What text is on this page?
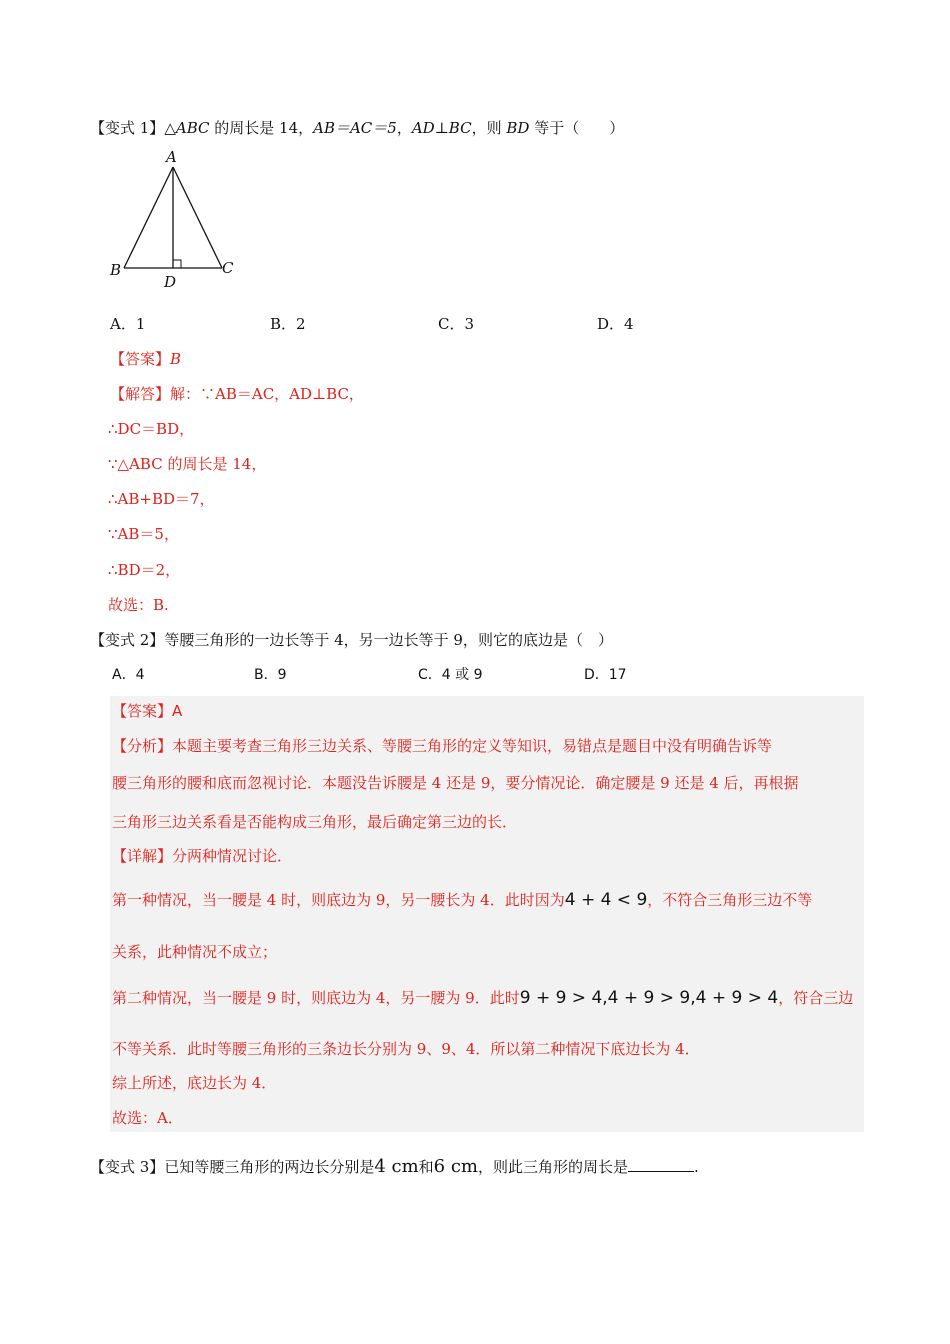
【变式 1】△ABC 的周长是 14，AB＝AC＝5，AD⊥BC，则 BD 等于（　　）
A
B	C
D
A．1	B．2	C．3	D．4
【答案】B
【解答】解：∵AB＝AC，AD⊥BC，
∴DC＝BD，
∵△ABC 的周长是 14，
∴AB+BD＝7，
∵AB＝5，
∴BD＝2，
故选：B.
【变式 2】等腰三角形的一边长等于 4，另一边长等于 9，则它的底边是（　）
A．4	B．9	C．4 或 9	D．17
【答案】A
【分析】本题主要考查三角形三边关系、等腰三角形的定义等知识，易错点是题目中没有明确告诉等
腰三角形的腰和底而忽视讨论．本题没告诉腰是 4 还是 9，要分情况论．确定腰是 9 还是 4 后，再根据
三角形三边关系看是否能构成三角形，最后确定第三边的长．
【详解】分两种情况讨论．
第一种情况，当一腰是 4 时，则底边为 9，另一腰长为 4．此时因为4 + 4 < 9，不符合三角形三边不等
关系，此种情况不成立；
第二种情况，当一腰是 9 时，则底边为 4，另一腰为 9．此时9 + 9 > 4,4 + 9 > 9,4 + 9 > 4，符合三边
不等关系．此时等腰三角形的三条边长分别为 9、9、4．所以第二种情况下底边长为 4．
综上所述，底边长为 4．
故选：A．
【变式 3】已知等腰三角形的两边长分别是4 cm和6 cm，则此三角形的周长是	.
